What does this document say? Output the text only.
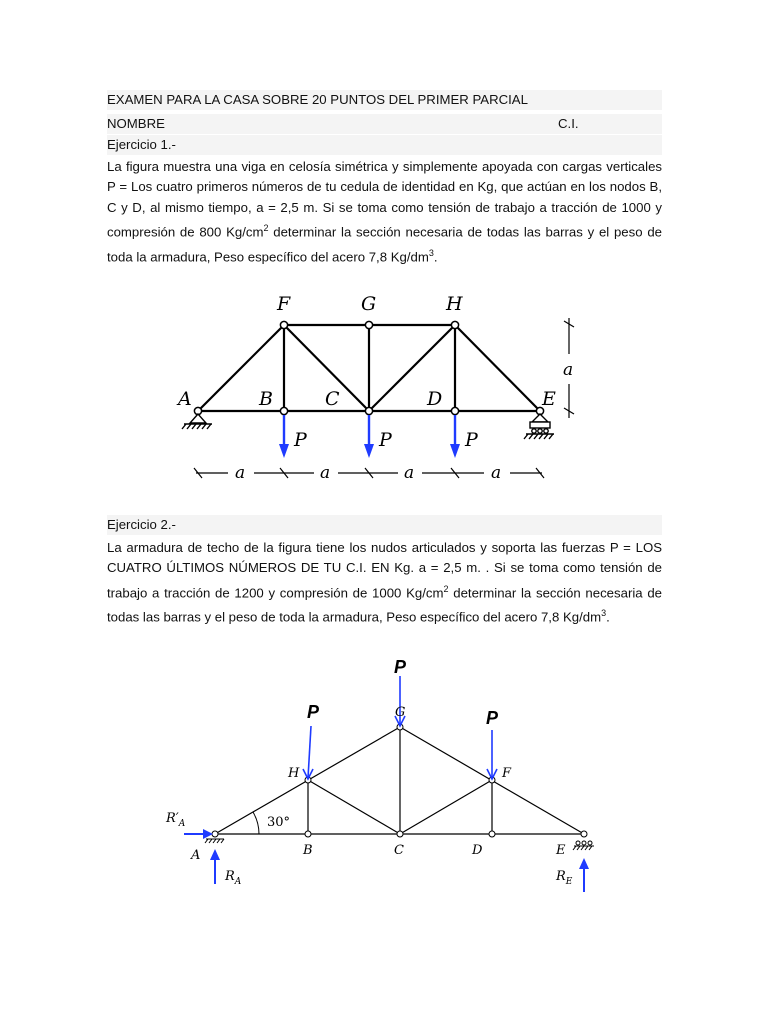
EXAMEN PARA LA CASA SOBRE 20 PUNTOS DEL PRIMER PARCIAL
NOMBRE	C.I.
Ejercicio 1.-
La figura muestra una viga en celosía simétrica y simplemente apoyada con cargas verticales P = Los cuatro primeros números de tu cedula de identidad en Kg, que actúan en los nodos B, C y D, al mismo tiempo, a = 2,5 m. Si se toma como tensión de trabajo a tracción de 1000 y compresión de 800 $Kg/cm^2$ determinar la sección necesaria de todas las barras y el peso de toda la armadura, Peso específico del acero 7,8 $Kg/dm^3$.
F	G	H
A	B	C	D	E
P	P	P
a	a	a	a
a
Ejercicio 2.-
La armadura de techo de la figura tiene los nudos articulados y soporta las fuerzas P = LOS CUATRO ÚLTIMOS NÚMEROS DE TU C.I. EN Kg. a = 2,5 m. . Si se toma como tensión de trabajo a tracción de 1200 y compresión de 1000 $Kg/cm^2$ determinar la sección necesaria de todas las barras y el peso de toda la armadura, Peso específico del acero 7,8 $Kg/dm^3$.
P
P	P
H
G
F
A	B	C	D	E
$R'_A$
$R_A$	$R_E$
30°
